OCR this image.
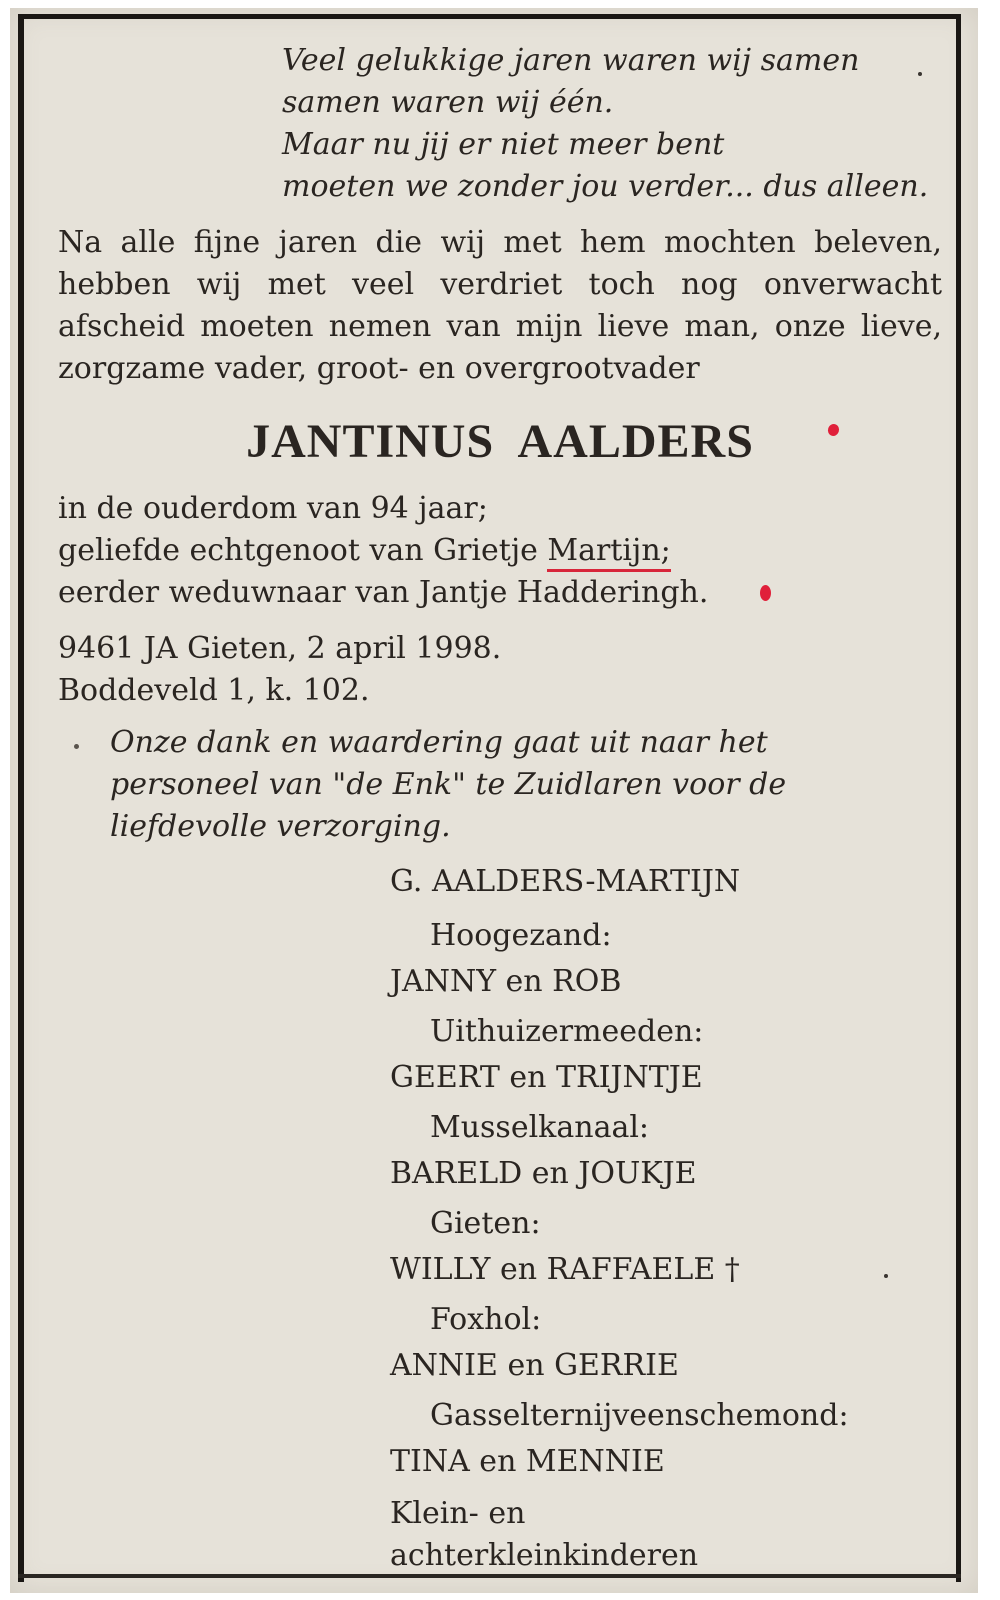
Veel gelukkige jaren waren wij samen
samen waren wij één.
Maar nu jij er niet meer bent
moeten we zonder jou verder... dus alleen.
Na alle fijne jaren die wij met hem mochten beleven,
hebben wij met veel verdriet toch nog onverwacht
afscheid moeten nemen van mijn lieve man, onze lieve,
zorgzame vader, groot- en overgrootvader
JANTINUS  AALDERS
in de ouderdom van 94 jaar;
geliefde echtgenoot van Grietje Martijn;
eerder weduwnaar van Jantje Hadderingh.
9461 JA Gieten, 2 april 1998.
Boddeveld 1, k. 102.
Onze dank en waardering gaat uit naar het
personeel van "de Enk" te Zuidlaren voor de
liefdevolle verzorging.
G. AALDERS-MARTIJN
Hoogezand:
JANNY en ROB
Uithuizermeeden:
GEERT en TRIJNTJE
Musselkanaal:
BARELD en JOUKJE
Gieten:
WILLY en RAFFAELE †
Foxhol:
ANNIE en GERRIE
Gasselternijveenschemond:
TINA en MENNIE
Klein- en
achterkleinkinderen
